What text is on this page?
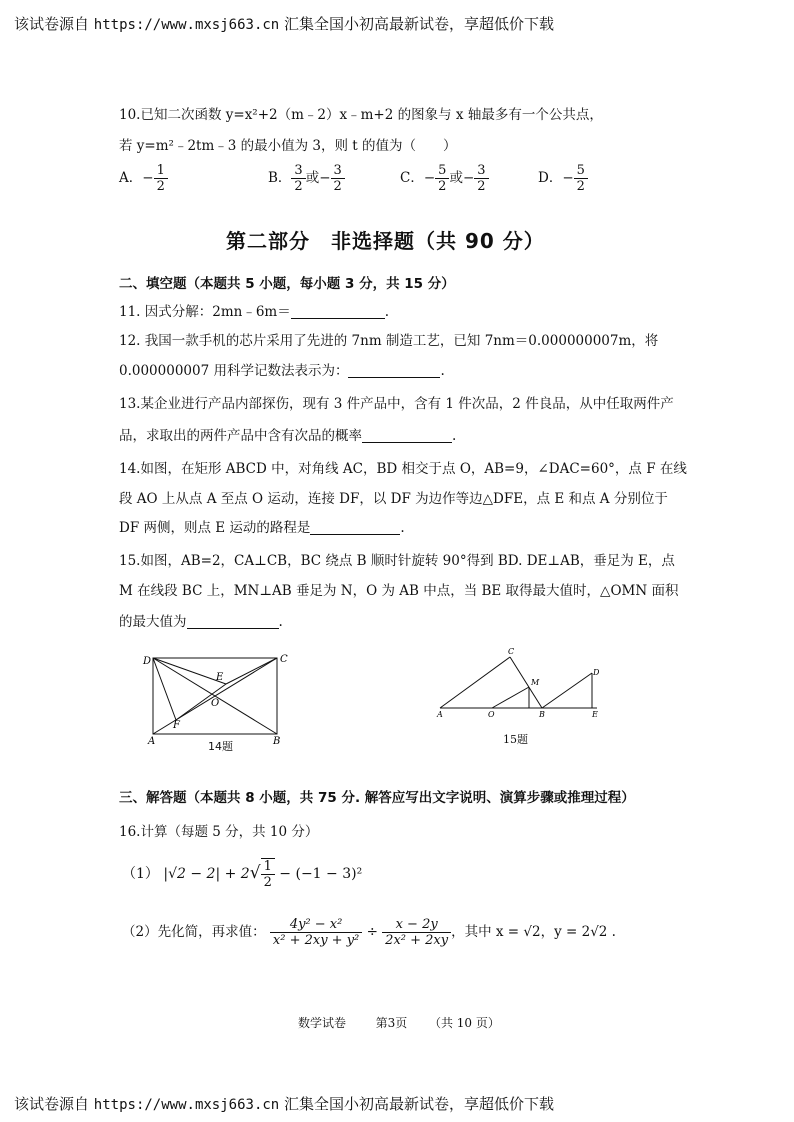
该试卷源自 https://www.mxsj663.cn 汇集全国小初高最新试卷，享超低价下载
10.已知二次函数 y=x²+2（m﹣2）x﹣m+2 的图象与 x 轴最多有一个公共点，
若 y=m²﹣2tm﹣3 的最小值为 3，则 t 的值为（　　）
A．− $\frac{1}{2}$	B． $\frac{3}{2}$ 或− $\frac{3}{2}$	C．− $\frac{5}{2}$ 或− $\frac{3}{2}$	D．− $\frac{5}{2}$
第二部分　非选择题（共 90 分）
二、填空题（本题共 5 小题，每小题 3 分，共 15 分）
11. 因式分解：2mn﹣6m＝	.
12. 我国一款手机的芯片采用了先进的 7nm 制造工艺，已知 7nm＝0.000000007m，将
0.000000007 用科学记数法表示为：	.
13.某企业进行产品内部探伤，现有 3 件产品中，含有 1 件次品，2 件良品，从中任取两件产
品，求取出的两件产品中含有次品的概率	.
14.如图，在矩形 ABCD 中，对角线 AC，BD 相交于点 O，AB=9，∠DAC=60°，点 F 在线
段 AO 上从点 A 至点 O 运动，连接 DF，以 DF 为边作等边△DFE，点 E 和点 A 分别位于
DF 两侧，则点 E 运动的路程是	.
15.如图，AB=2，CA⊥CB，BC 绕点 B 顺时针旋转 90°得到 BD. DE⊥AB，垂足为 E，点
M 在线段 BC 上，MN⊥AB 垂足为 N，O 为 AB 中点，当 BE 取得最大值时，△OMN 面积
的最大值为	.
D	C
A	B
E
O
F
14题
C
M
D
A	O	B	E
15题
三、解答题（本题共 8 小题，共 75 分. 解答应写出文字说明、演算步骤或推理过程）
16.计算（每题 5 分，共 10 分）
（1） $|√2 - 2| + 2√ \frac{1}{2} - (-1 - 3)^2$
（2）先化简，再求值： $\frac{\text{4y² − x²}}{\text{x² + 2xy + y²}} \div \frac{x - 2y}{\text{2x² + 2xy}}$ ，其中 x = √2，y = 2√2 .
数学试卷 第3页 （共 10 页）
该试卷源自 https://www.mxsj663.cn 汇集全国小初高最新试卷，享超低价下载
